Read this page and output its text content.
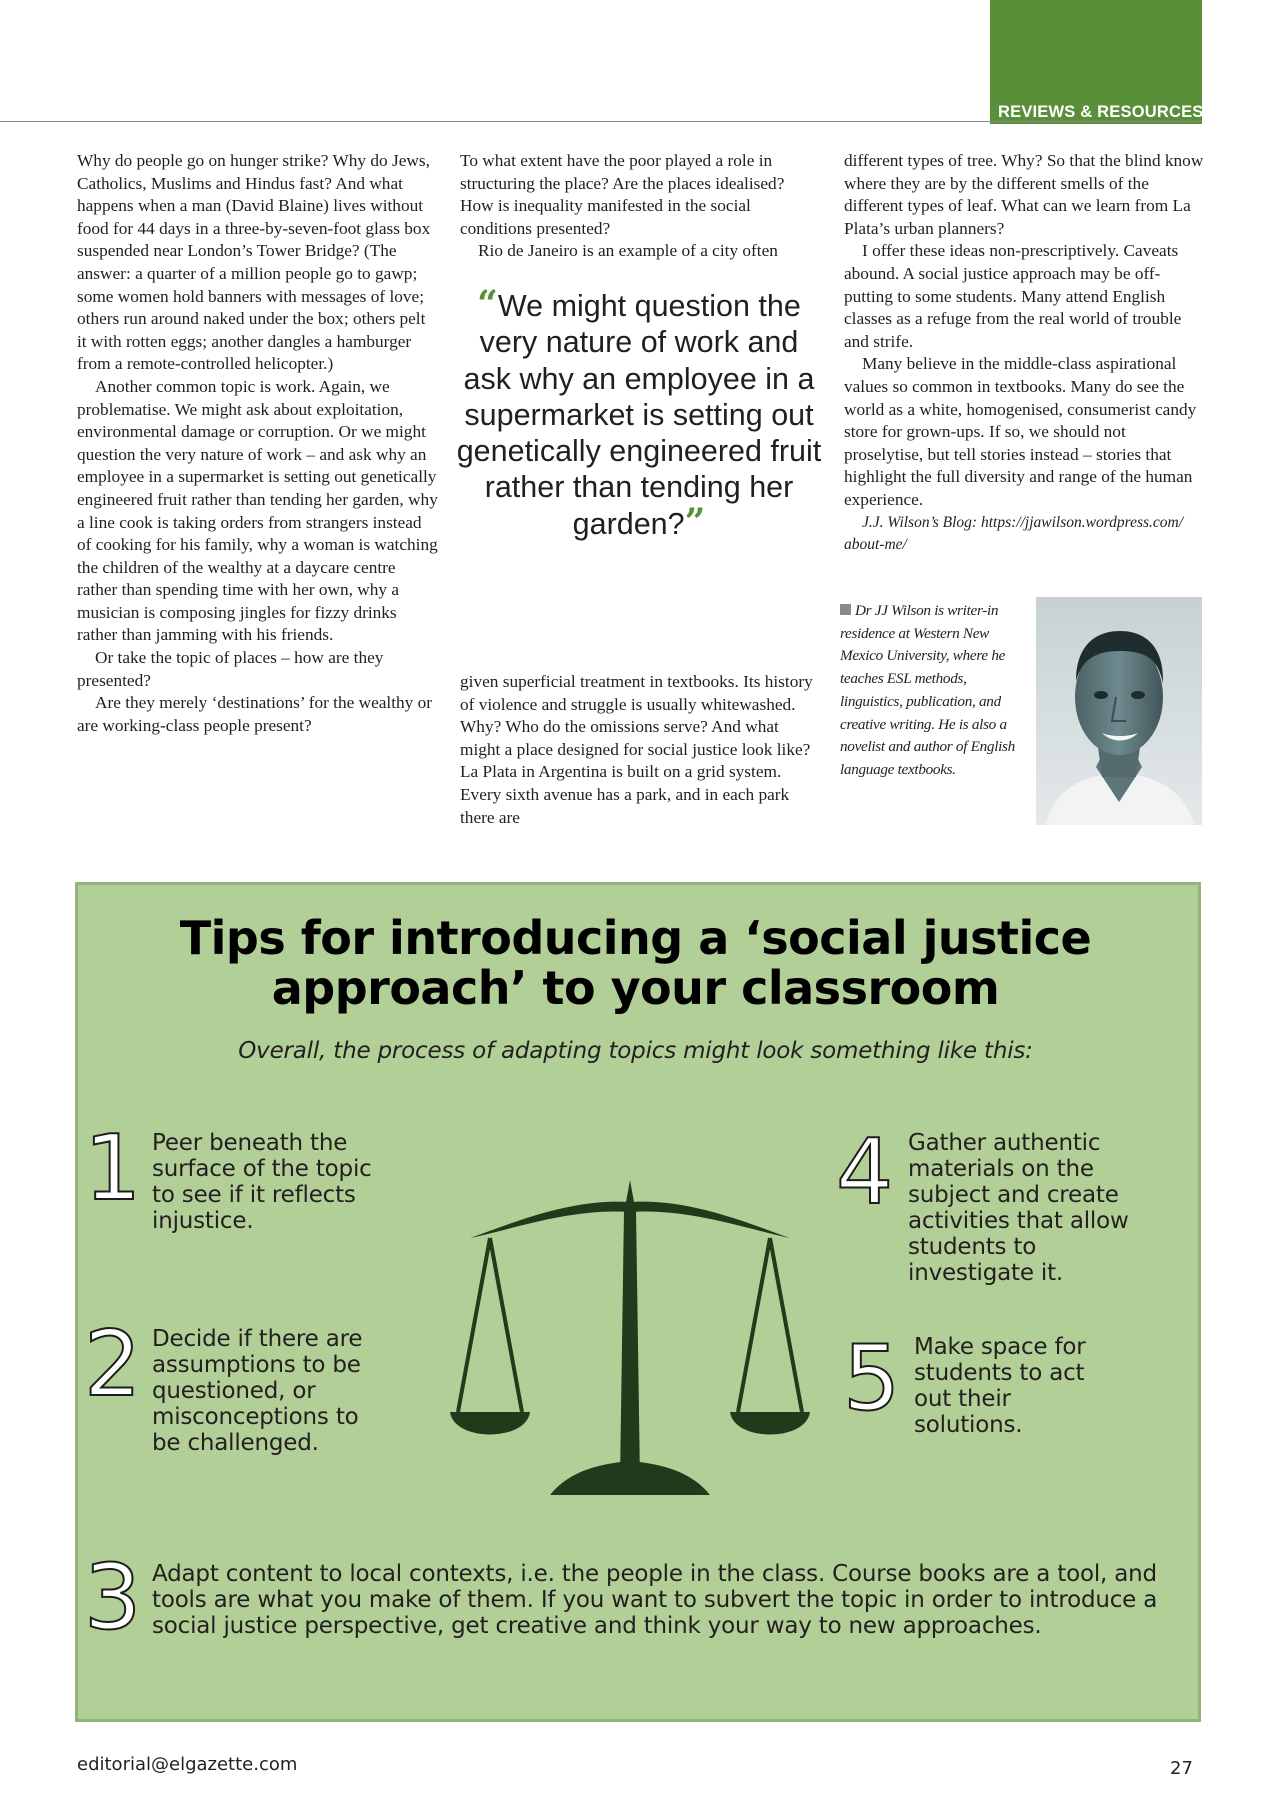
REVIEWS & RESOURCES

Why do people go on hunger strike? Why do Jews, Catholics, Muslims and Hindus fast? And what happens when a man (David Blaine) lives without food for 44 days in a three-by-seven-foot glass box suspended near London’s Tower Bridge? (The answer: a quarter of a million people go to gawp; some women hold banners with messages of love; others run around naked under the box; others pelt it with rotten eggs; another dangles a hamburger from a remote-controlled helicopter.)

Another common topic is work. Again, we problematise. We might ask about exploitation, environmental damage or corruption. Or we might question the very nature of work – and ask why an employee in a supermarket is setting out genetically engineered fruit rather than tending her garden, why a line cook is taking orders from strangers instead of cooking for his family, why a woman is watching the children of the wealthy at a daycare centre rather than spending time with her own, why a musician is composing jingles for fizzy drinks rather than jamming with his friends.

Or take the topic of places – how are they presented?

Are they merely ‘destinations’ for the wealthy or are working-class people present?

To what extent have the poor played a role in structuring the place? Are the places idealised? How is inequality manifested in the social conditions presented?

Rio de Janeiro is an example of a city often

“We might question the very nature of work and ask why an employee in a supermarket is setting out genetically engineered fruit rather than tending her garden?”

given superficial treatment in textbooks. Its history of violence and struggle is usually whitewashed. Why? Who do the omissions serve? And what might a place designed for social justice look like? La Plata in Argentina is built on a grid system. Every sixth avenue has a park, and in each park there are

different types of tree. Why? So that the blind know where they are by the different smells of the different types of leaf. What can we learn from La Plata’s urban planners?

I offer these ideas non-prescriptively. Caveats abound. A social justice approach may be off-putting to some students. Many attend English classes as a refuge from the real world of trouble and strife.

Many believe in the middle-class aspirational values so common in textbooks. Many do see the world as a white, homogenised, consumerist candy store for grown-ups. If so, we should not proselytise, but tell stories instead – stories that highlight the full diversity and range of the human experience.

J.J. Wilson’s Blog: https://jjawilson.wordpress.com/ about-me/

Dr JJ Wilson is writer-in residence at Western New Mexico University, where he teaches ESL methods, linguistics, publication, and creative writing. He is also a novelist and author of English language textbooks.
Tips for introducing a ‘social justice
approach’ to your classroom
Overall, the process of adapting topics might look something like this:
1 Peer beneath the surface of the topic to see if it reflects injustice.
2 Decide if there are assumptions to be questioned, or misconceptions to be challenged.
3 Adapt content to local contexts, i.e. the people in the class. Course books are a tool, and tools are what you make of them. If you want to subvert the topic in order to introduce a social justice perspective, get creative and think your way to new approaches.
4 Gather authentic materials on the subject and create activities that allow students to investigate it.
5 Make space for students to act out their solutions.
editorial@elgazette.com	27
